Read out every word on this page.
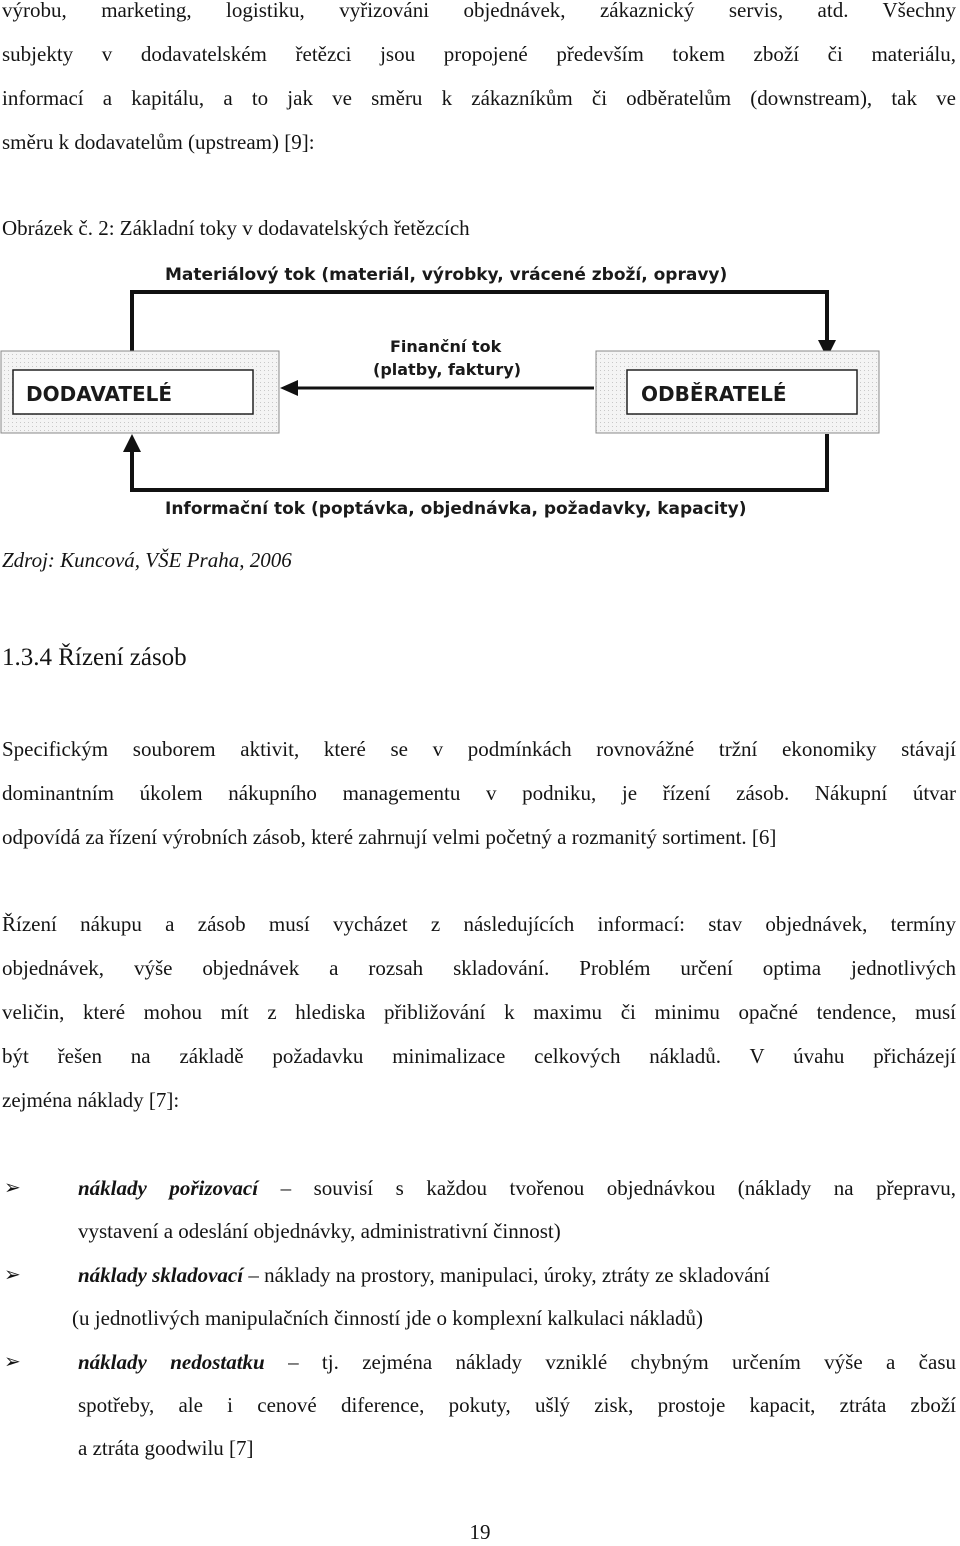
výrobu, marketing, logistiku, vyřizováni objednávek, zákaznický servis, atd. Všechny
subjekty v dodavatelském řetězci jsou propojené především tokem zboží či materiálu,
informací a kapitálu, a to jak ve směru k zákazníkům či odběratelům (downstream), tak ve
směru k dodavatelům (upstream) [9]:
Obrázek č. 2: Základní toky v dodavatelských řetězcích
Materiálový tok (materiál, výrobky, vrácené zboží, opravy)
Finanční tok
(platby, faktury)
DODAVATELÉ	ODBĚRATELÉ
Informační tok (poptávka, objednávka, požadavky, kapacity)
Zdroj: Kuncová, VŠE Praha, 2006
1.3.4 Řízení zásob
Specifickým souborem aktivit, které se v podmínkách rovnovážné tržní ekonomiky stávají
dominantním úkolem nákupního managementu v podniku, je řízení zásob. Nákupní útvar
odpovídá za řízení výrobních zásob, které zahrnují velmi početný a rozmanitý sortiment. [6]
Řízení nákupu a zásob musí vycházet z následujících informací: stav objednávek, termíny
objednávek, výše objednávek a rozsah skladování. Problém určení optima jednotlivých
veličin, které mohou mít z hlediska přibližování k maximu či minimu opačné tendence, musí
být řešen na základě požadavku minimalizace celkových nákladů. V úvahu přicházejí
zejména náklady [7]:
➢	náklady pořizovací – souvisí s každou tvořenou objednávkou (náklady na přepravu,
vystavení a odeslání objednávky, administrativní činnost)
➢	náklady skladovací – náklady na prostory, manipulaci, úroky, ztráty ze skladování
(u jednotlivých manipulačních činností jde o komplexní kalkulaci nákladů)
➢	náklady nedostatku – tj. zejména náklady vzniklé chybným určením výše a času
spotřeby, ale i cenové diference, pokuty, ušlý zisk, prostoje kapacit, ztráta zboží
a ztráta goodwilu [7]
19
